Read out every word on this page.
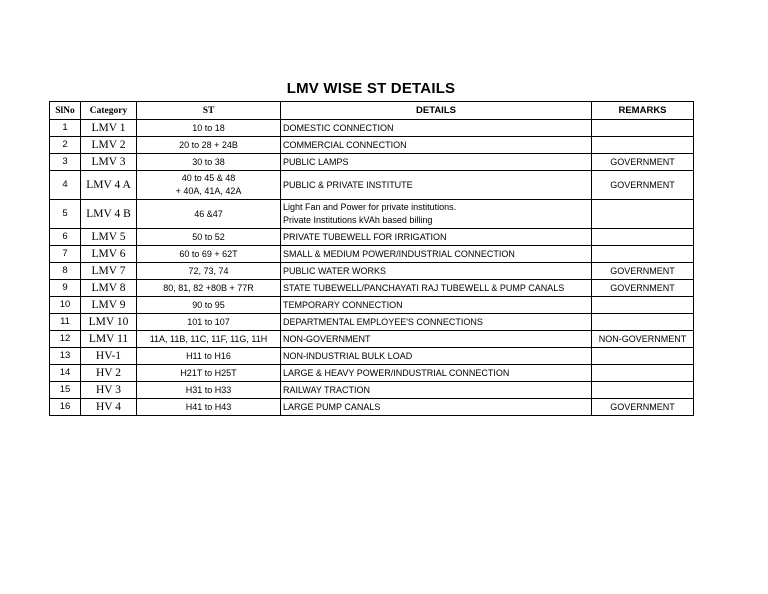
LMV WISE ST DETAILS
SlNo	Category	ST	DETAILS	REMARKS
1	LMV 1	10 to 18	DOMESTIC CONNECTION	

2	LMV 2	20 to 28 + 24B	COMMERCIAL CONNECTION	

3	LMV 3	30 to 38	PUBLIC LAMPS	GOVERNMENT
4	LMV 4 A	40 to 45 & 48
+ 40A, 41A, 42A	PUBLIC & PRIVATE INSTITUTE	GOVERNMENT
5	LMV 4 B	46 &47	Light Fan and Power for private institutions.
Private Institutions kVAh based billing	

6	LMV 5	50 to 52	PRIVATE TUBEWELL FOR IRRIGATION	

7	LMV 6	60 to 69 + 62T	SMALL & MEDIUM POWER/INDUSTRIAL CONNECTION	

8	LMV 7	72, 73, 74	PUBLIC WATER WORKS	GOVERNMENT
9	LMV 8	80, 81, 82 +80B + 77R	STATE TUBEWELL/PANCHAYATI RAJ TUBEWELL & PUMP CANALS	GOVERNMENT
10	LMV 9	90 to 95	TEMPORARY CONNECTION	

11	LMV 10	101 to 107	DEPARTMENTAL EMPLOYEE'S CONNECTIONS	

12	LMV 11	11A, 11B, 11C, 11F, 11G, 11H	NON-GOVERNMENT	NON-GOVERNMENT
13	HV-1	H11 to H16	NON-INDUSTRIAL BULK LOAD	

14	HV 2	H21T to H25T	LARGE & HEAVY POWER/INDUSTRIAL CONNECTION	

15	HV 3	H31 to H33	RAILWAY TRACTION	

16	HV 4	H41 to H43	LARGE PUMP CANALS	GOVERNMENT
